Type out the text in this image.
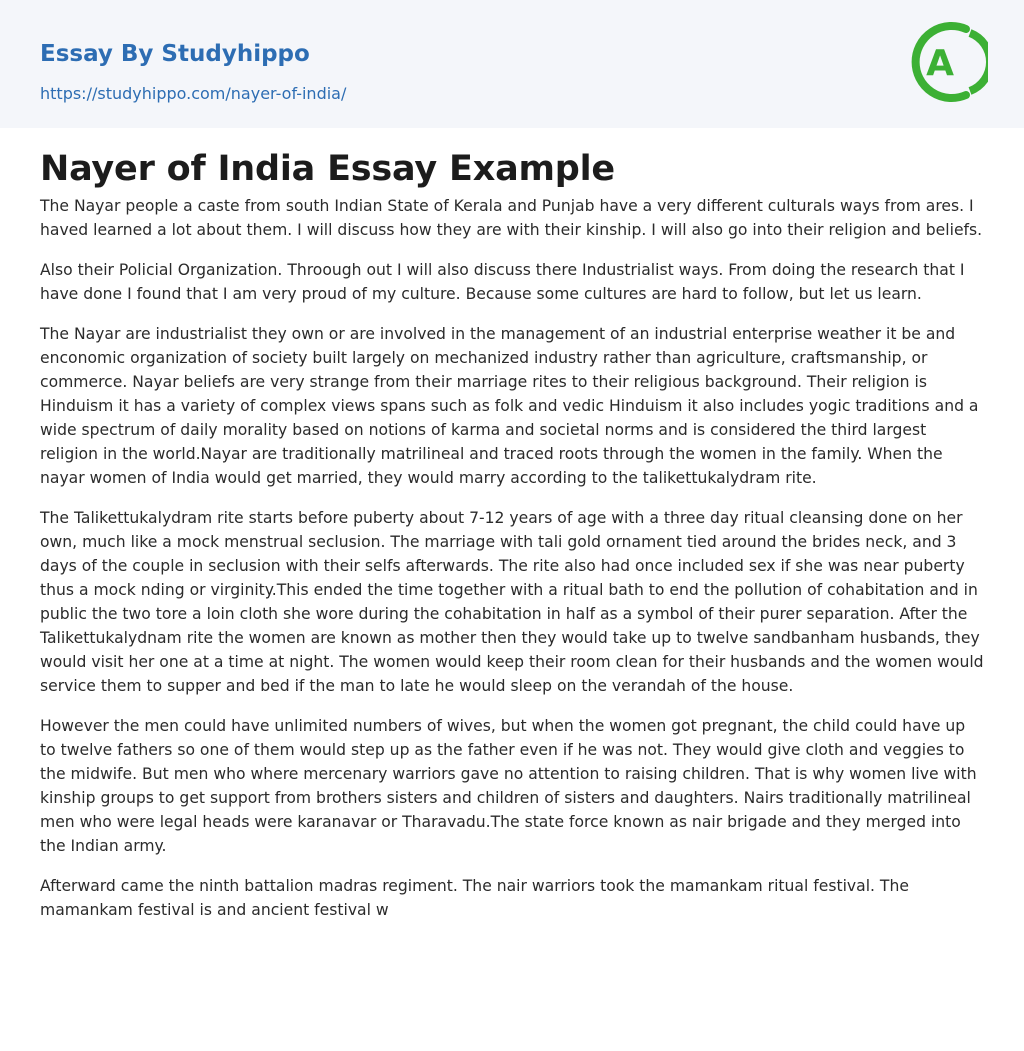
Essay By Studyhippo
https://studyhippo.com/nayer-of-india/
A
Nayer of India Essay Example

The Nayar people a caste from south Indian State of Kerala and Punjab have a very different culturals ways from ares. I haved learned a lot about them. I will discuss how they are with their kinship. I will also go into their religion and beliefs.

Also their Policial Organization. Throough out I will also discuss there Industrialist ways. From doing the research that I have done I found that I am very proud of my culture. Because some cultures are hard to follow, but let us learn.

The Nayar are industrialist they own or are involved in the management of an industrial enterprise weather it be and enconomic organization of society built largely on mechanized industry rather than agriculture, craftsmanship, or commerce. Nayar beliefs are very strange from their marriage rites to their religious background. Their religion is Hinduism it has a variety of complex views spans such as folk and vedic Hinduism it also includes yogic traditions and a wide spectrum of daily morality based on notions of karma and societal norms and is considered the third largest religion in the world.Nayar are traditionally matrilineal and traced roots through the women in the family. When the nayar women of India would get married, they would marry according to the talikettukalydram rite.

The Talikettukalydram rite starts before puberty about 7-12 years of age with a three day ritual cleansing done on her own, much like a mock menstrual seclusion. The marriage with tali gold ornament tied around the brides neck, and 3 days of the couple in seclusion with their selfs afterwards. The rite also had once included sex if she was near puberty thus a mock nding or virginity.This ended the time together with a ritual bath to end the pollution of cohabitation and in public the two tore a loin cloth she wore during the cohabitation in half as a symbol of their purer separation. After the Talikettukalydnam rite the women are known as mother then they would take up to twelve sandbanham husbands, they would visit her one at a time at night. The women would keep their room clean for their husbands and the women would service them to supper and bed if the man to late he would sleep on the verandah of the house.

However the men could have unlimited numbers of wives, but when the women got pregnant, the child could have up to twelve fathers so one of them would step up as the father even if he was not. They would give cloth and veggies to the midwife. But men who where mercenary warriors gave no attention to raising children. That is why women live with kinship groups to get support from brothers sisters and children of sisters and daughters. Nairs traditionally matrilineal men who were legal heads were karanavar or Tharavadu.The state force known as nair brigade and they merged into the Indian army.

Afterward came the ninth battalion madras regiment. The nair warriors took the mamankam ritual festival. The mamankam festival is and ancient festival w
